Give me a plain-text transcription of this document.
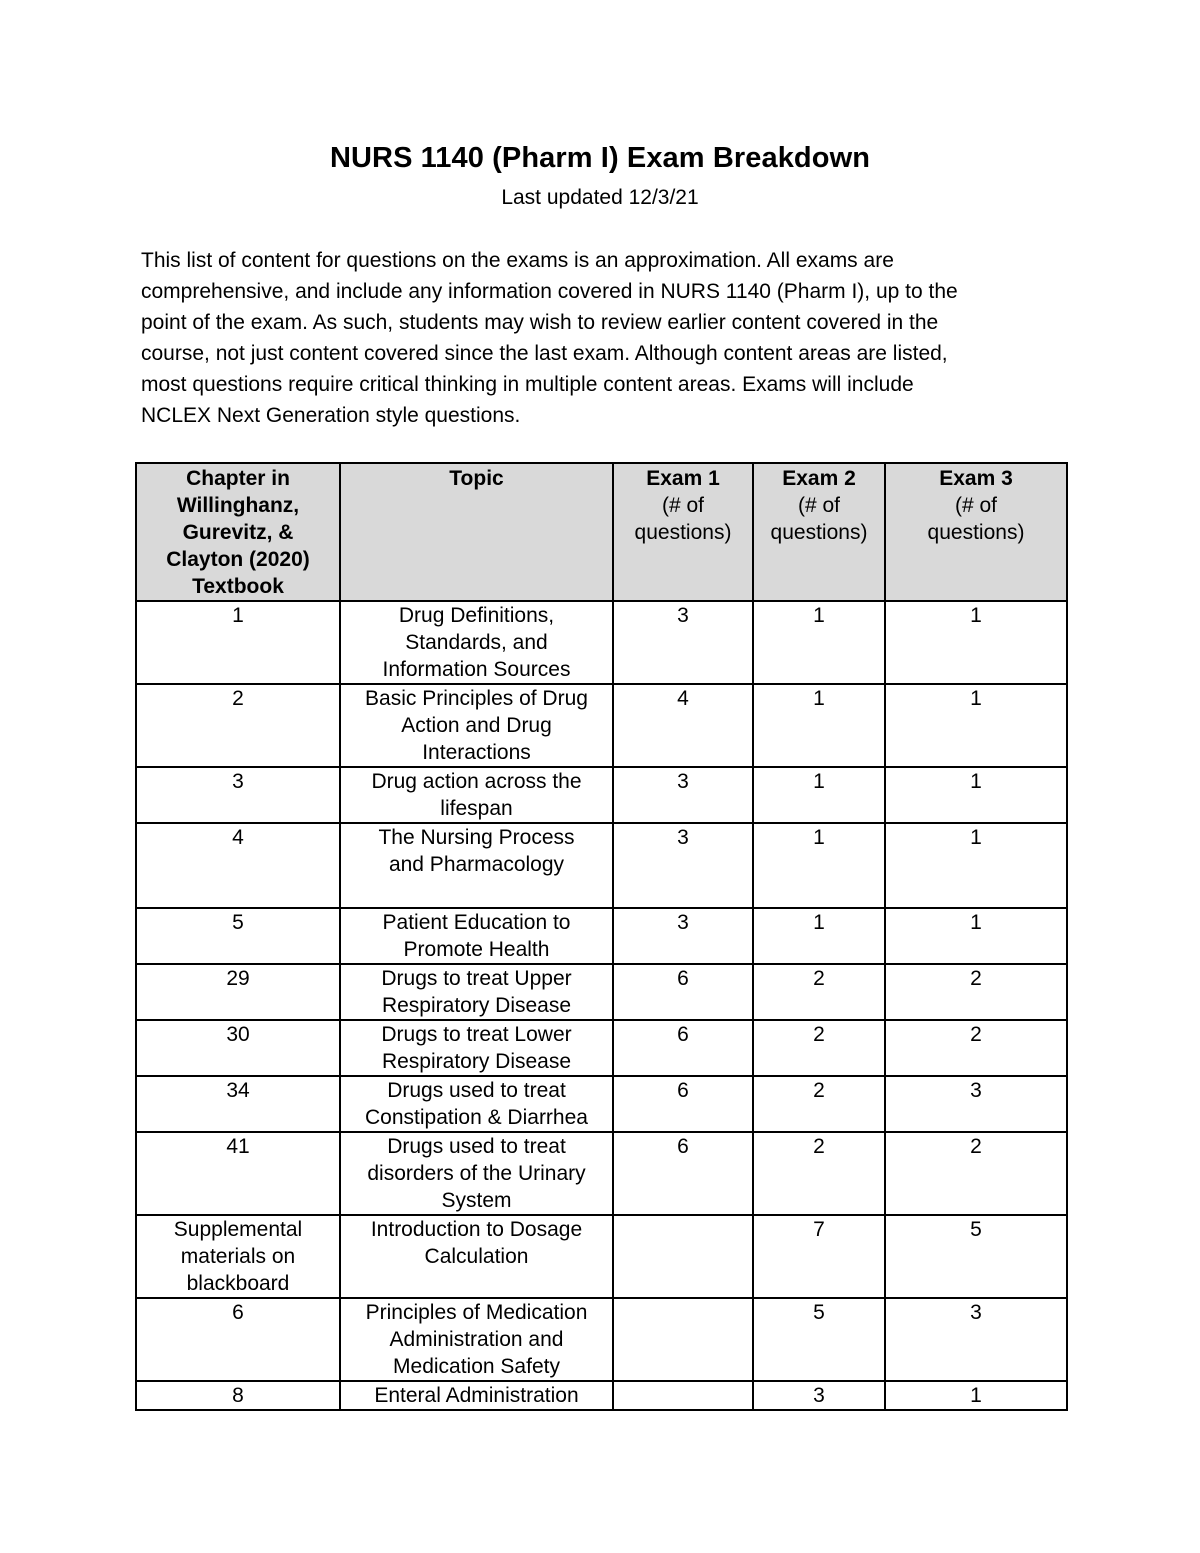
NURS 1140 (Pharm I) Exam Breakdown
Last updated 12/3/21
This list of content for questions on the exams is an approximation. All exams are
comprehensive, and include any information covered in NURS 1140 (Pharm I), up to the
point of the exam. As such, students may wish to review earlier content covered in the
course, not just content covered since the last exam. Although content areas are listed,
most questions require critical thinking in multiple content areas. Exams will include
NCLEX Next Generation style questions.
Chapter in
Willinghanz,
Gurevitz, &
Clayton (2020)
Textbook	Topic	Exam 1
(# of
questions)	Exam 2
(# of
questions)	Exam 3
(# of
questions)

1	Drug Definitions,
Standards, and
Information Sources	3	1	1

2	Basic Principles of Drug
Action and Drug
Interactions	4	1	1

3	Drug action across the
lifespan	3	1	1

4	The Nursing Process
and Pharmacology	3	1	1

5	Patient Education to
Promote Health	3	1	1

29	Drugs to treat Upper
Respiratory Disease	6	2	2

30	Drugs to treat Lower
Respiratory Disease	6	2	2

34	Drugs used to treat
Constipation & Diarrhea	6	2	3

41	Drugs used to treat
disorders of the Urinary
System	6	2	2

Supplemental
materials on
blackboard	Introduction to Dosage
Calculation		7	5

6	Principles of Medication
Administration and
Medication Safety		5	3

8	Enteral Administration		3	1
